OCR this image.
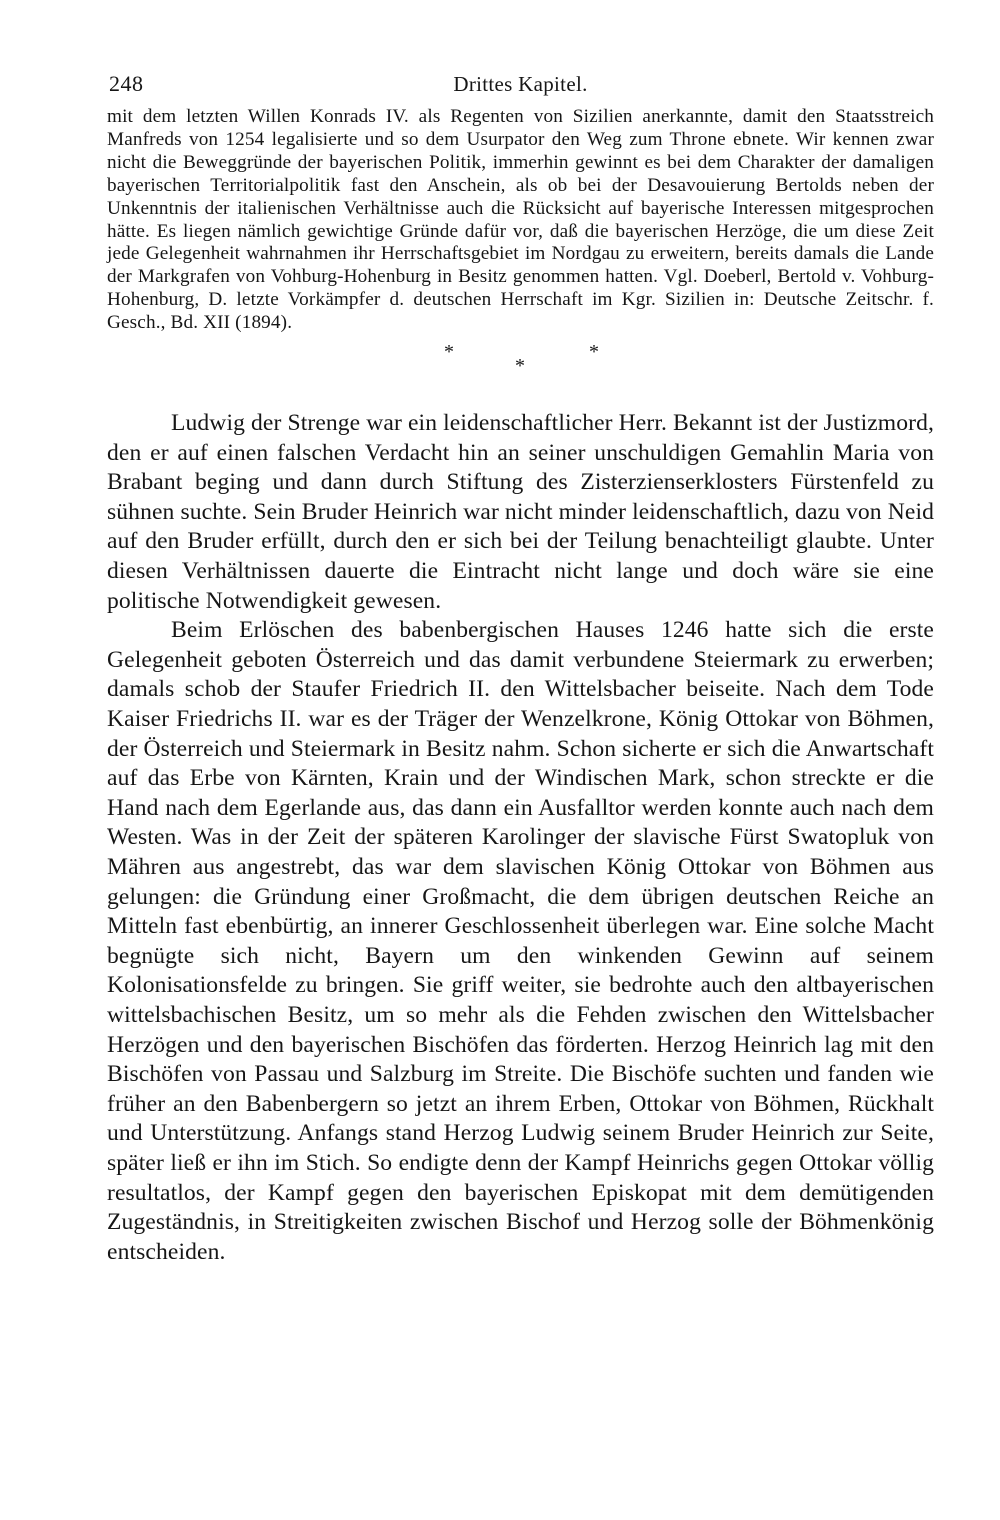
248	Drittes Kapitel.

mit dem letzten Willen Konrads IV. als Regenten von Sizilien anerkannte, damit den Staatsstreich Manfreds von 1254 legalisierte und so dem Usurpator den Weg zum Throne ebnete. Wir kennen zwar nicht die Beweggründe der bayerischen Politik, immerhin gewinnt es bei dem Charakter der damaligen bayerischen Territorialpolitik fast den Anschein, als ob bei der Desavouierung Bertolds neben der Unkenntnis der italienischen Verhältnisse auch die Rücksicht auf bayerische Interessen mitgesprochen hätte. Es liegen nämlich gewichtige Gründe dafür vor, daß die bayerischen Herzöge, die um diese Zeit jede Gelegenheit wahrnahmen ihr Herrschaftsgebiet im Nordgau zu erweitern, bereits damals die Lande der Markgrafen von Vohburg-Hohenburg in Besitz genommen hatten. Vgl. Doeberl, Bertold v. Vohburg-Hohenburg, D. letzte Vorkämpfer d. deutschen Herrschaft im Kgr. Sizilien in: Deutsche Zeitschr. f. Gesch., Bd. XII (1894).

*
*
*

Ludwig der Strenge war ein leidenschaftlicher Herr. Bekannt ist der Justizmord, den er auf einen falschen Verdacht hin an seiner unschuldigen Gemahlin Maria von Brabant beging und dann durch Stiftung des Zisterzienserklosters Fürstenfeld zu sühnen suchte. Sein Bruder Heinrich war nicht minder leidenschaftlich, dazu von Neid auf den Bruder erfüllt, durch den er sich bei der Teilung benachteiligt glaubte. Unter diesen Verhältnissen dauerte die Eintracht nicht lange und doch wäre sie eine politische Notwendigkeit gewesen.

Beim Erlöschen des babenbergischen Hauses 1246 hatte sich die erste Gelegenheit geboten Österreich und das damit verbundene Steiermark zu erwerben; damals schob der Staufer Friedrich II. den Wittelsbacher beiseite. Nach dem Tode Kaiser Friedrichs II. war es der Träger der Wenzelkrone, König Ottokar von Böhmen, der Österreich und Steiermark in Besitz nahm. Schon sicherte er sich die Anwartschaft auf das Erbe von Kärnten, Krain und der Windischen Mark, schon streckte er die Hand nach dem Egerlande aus, das dann ein Ausfalltor werden konnte auch nach dem Westen. Was in der Zeit der späteren Karolinger der slavische Fürst Swatopluk von Mähren aus angestrebt, das war dem slavischen König Ottokar von Böhmen aus gelungen: die Gründung einer Großmacht, die dem übrigen deutschen Reiche an Mitteln fast ebenbürtig, an innerer Geschlossenheit überlegen war. Eine solche Macht begnügte sich nicht, Bayern um den winkenden Gewinn auf seinem Kolonisationsfelde zu bringen. Sie griff weiter, sie bedrohte auch den altbayerischen wittelsbachischen Besitz, um so mehr als die Fehden zwischen den Wittelsbacher Herzögen und den bayerischen Bischöfen das förderten. Herzog Heinrich lag mit den Bischöfen von Passau und Salzburg im Streite. Die Bischöfe suchten und fanden wie früher an den Babenbergern so jetzt an ihrem Erben, Ottokar von Böhmen, Rückhalt und Unterstützung. Anfangs stand Herzog Ludwig seinem Bruder Heinrich zur Seite, später ließ er ihn im Stich. So endigte denn der Kampf Heinrichs gegen Ottokar völlig resultatlos, der Kampf gegen den bayerischen Episkopat mit dem demütigenden Zugeständnis, in Streitigkeiten zwischen Bischof und Herzog solle der Böhmenkönig entscheiden.
